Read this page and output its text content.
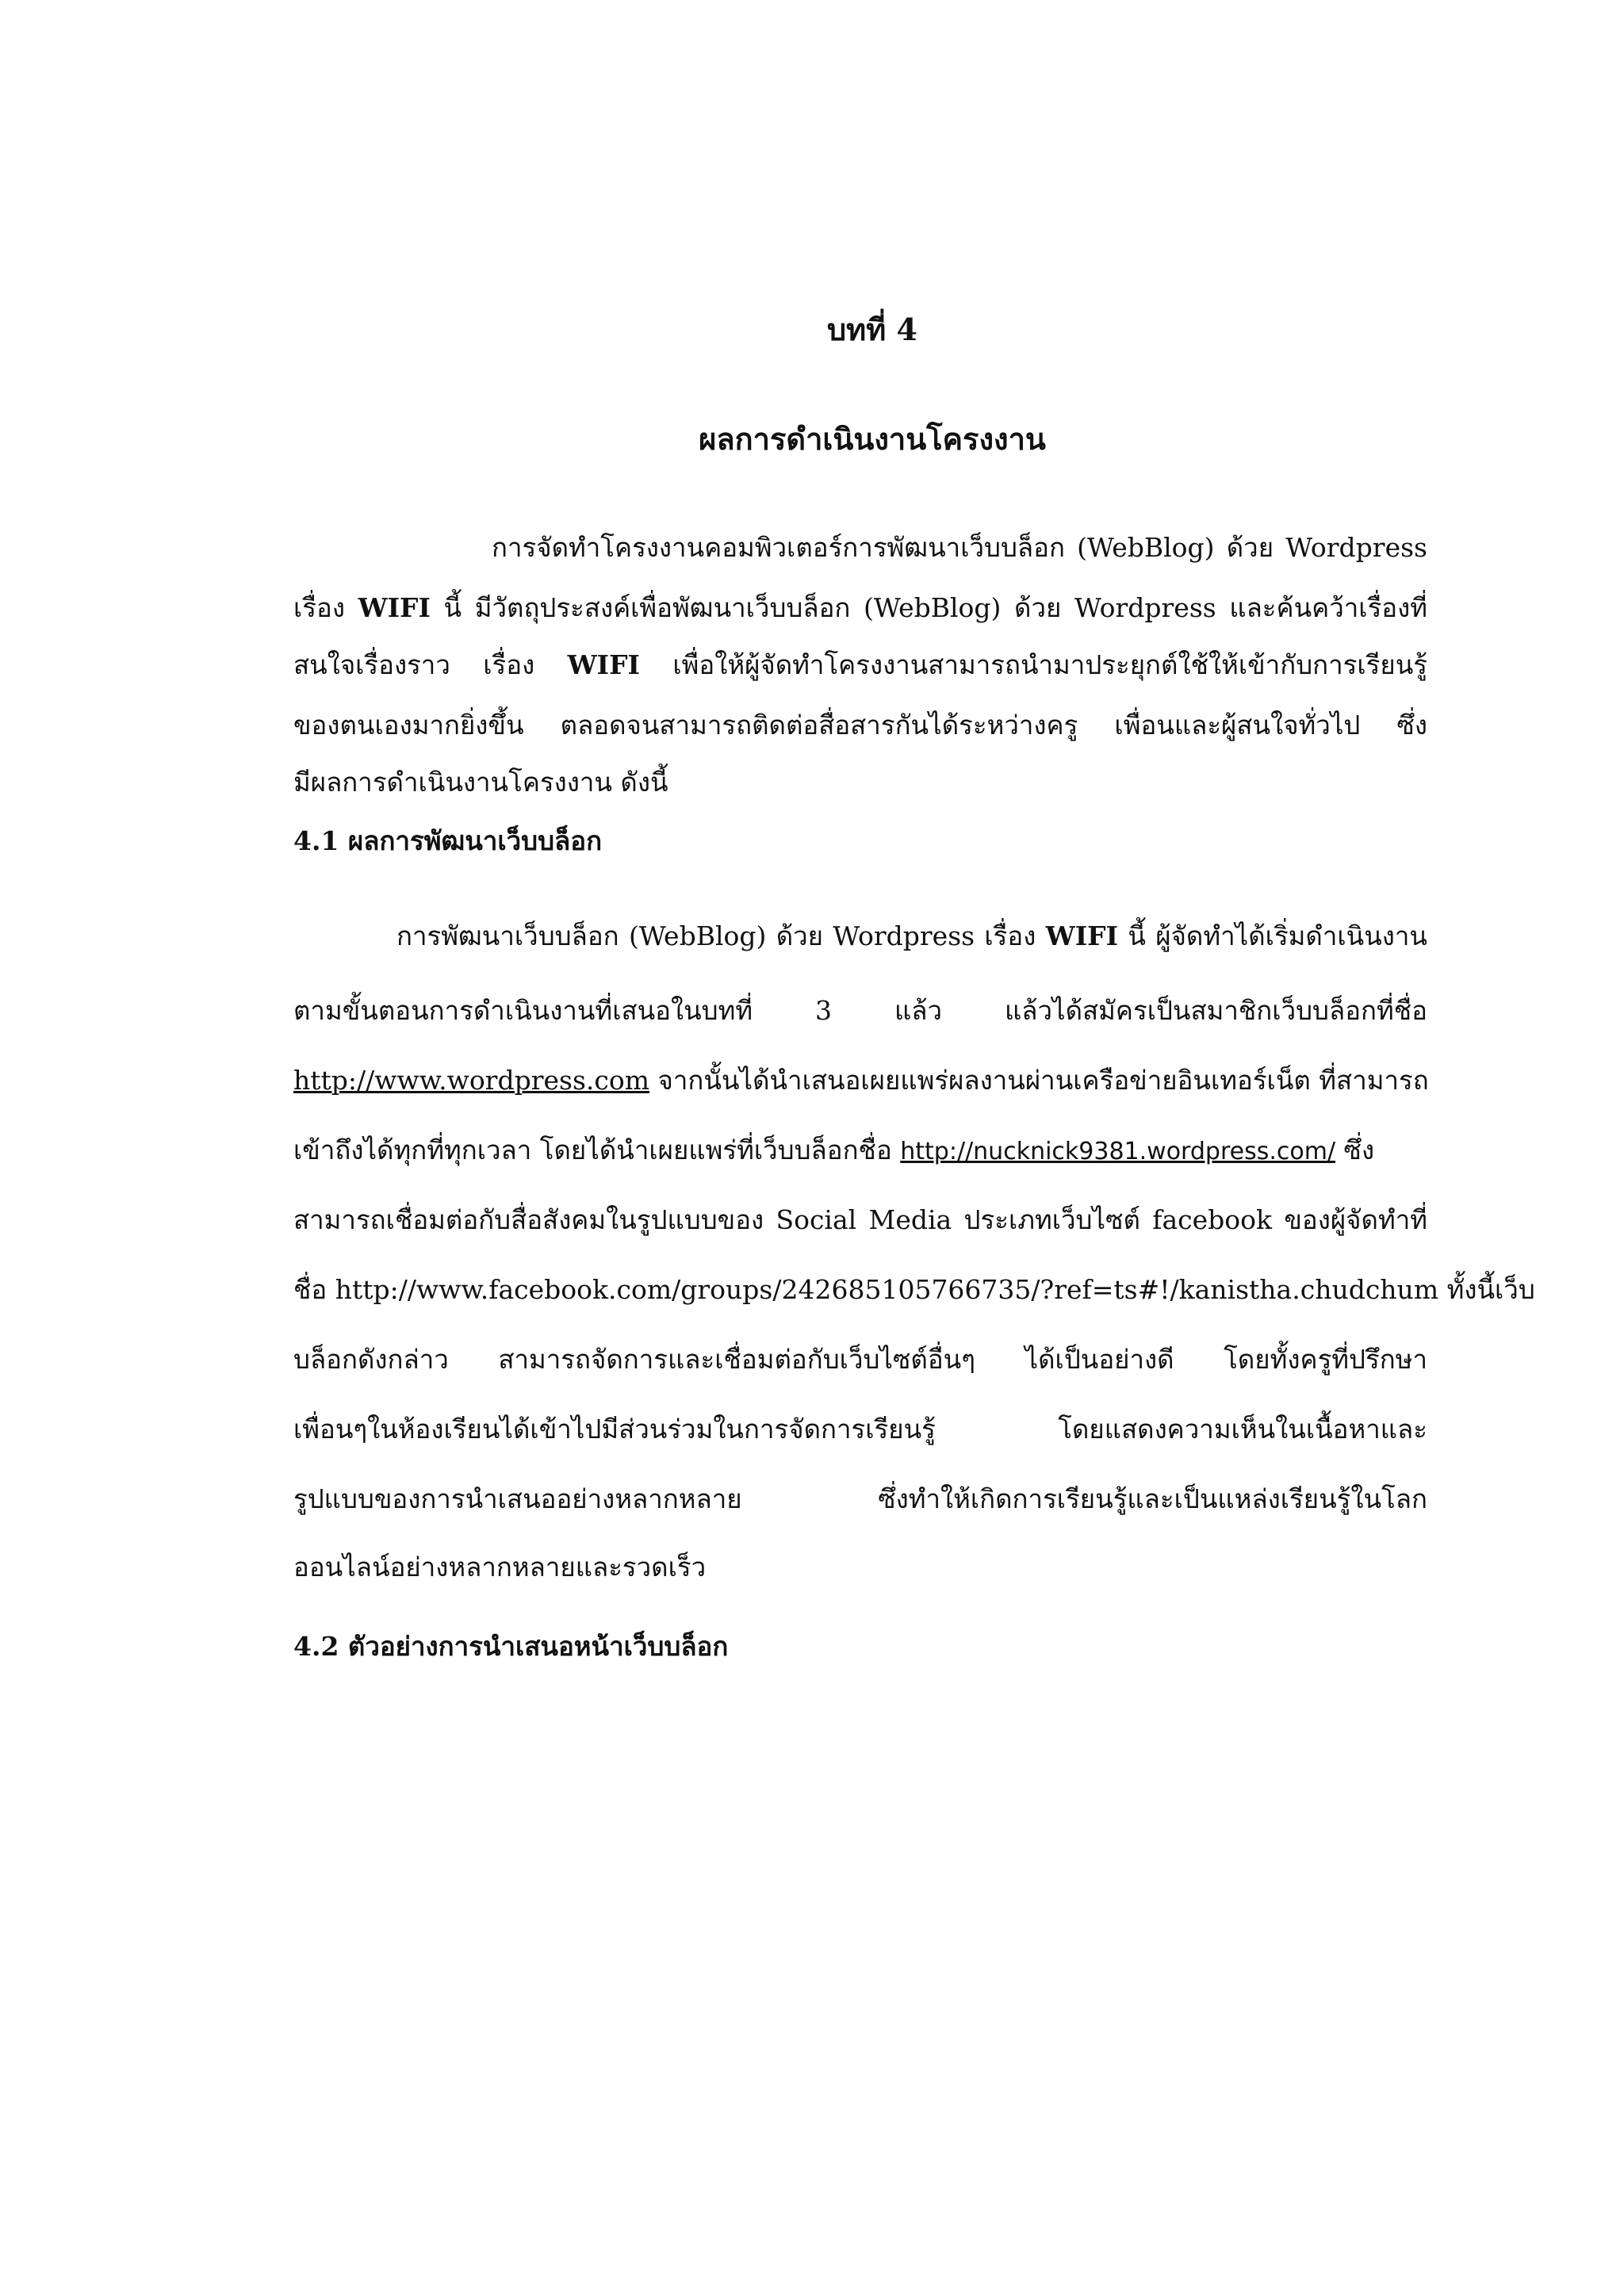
บทที่ 4
ผลการดำเนินงานโครงงาน
การจัดทำโครงงานคอมพิวเตอร์การพัฒนาเว็บบล็อก (WebBlog) ด้วย Wordpress
เรื่อง WIFI นี้ มีวัตถุประสงค์เพื่อพัฒนาเว็บบล็อก (WebBlog) ด้วย Wordpress และค้นคว้าเรื่องที่
สนใจเรื่องราว เรื่อง WIFI เพื่อให้ผู้จัดทำโครงงานสามารถนำมาประยุกต์ใช้ให้เข้ากับการเรียนรู้
ของตนเองมากยิ่งขึ้น ตลอดจนสามารถติดต่อสื่อสารกันได้ระหว่างครู เพื่อนและผู้สนใจทั่วไป ซึ่ง
มีผลการดำเนินงานโครงงาน ดังนี้
4.1 ผลการพัฒนาเว็บบล็อก
การพัฒนาเว็บบล็อก (WebBlog) ด้วย Wordpress เรื่อง WIFI นี้ ผู้จัดทำได้เริ่มดำเนินงาน
ตามขั้นตอนการดำเนินงานที่เสนอในบทที่ 3 แล้ว แล้วได้สมัครเป็นสมาชิกเว็บบล็อกที่ชื่อ
http://www.wordpress.com จากนั้นได้นำเสนอเผยแพร่ผลงานผ่านเครือข่ายอินเทอร์เน็ต ที่สามารถ
เข้าถึงได้ทุกที่ทุกเวลา โดยได้นำเผยแพร่ที่เว็บบล็อกชื่อ http://nucknick9381.wordpress.com/ ซึ่ง
สามารถเชื่อมต่อกับสื่อสังคมในรูปแบบของ Social Media ประเภทเว็บไซต์ facebook ของผู้จัดทำที่
ชื่อ http://www.facebook.com/groups/242685105766735/?ref=ts#!/kanistha.chudchum ทั้งนี้เว็บ
บล็อกดังกล่าว สามารถจัดการและเชื่อมต่อกับเว็บไซต์อื่นๆ ได้เป็นอย่างดี โดยทั้งครูที่ปรึกษา
เพื่อนๆในห้องเรียนได้เข้าไปมีส่วนร่วมในการจัดการเรียนรู้ โดยแสดงความเห็นในเนื้อหาและ
รูปแบบของการนำเสนออย่างหลากหลาย ซึ่งทำให้เกิดการเรียนรู้และเป็นแหล่งเรียนรู้ในโลก
ออนไลน์อย่างหลากหลายและรวดเร็ว
4.2 ตัวอย่างการนำเสนอหน้าเว็บบล็อก
